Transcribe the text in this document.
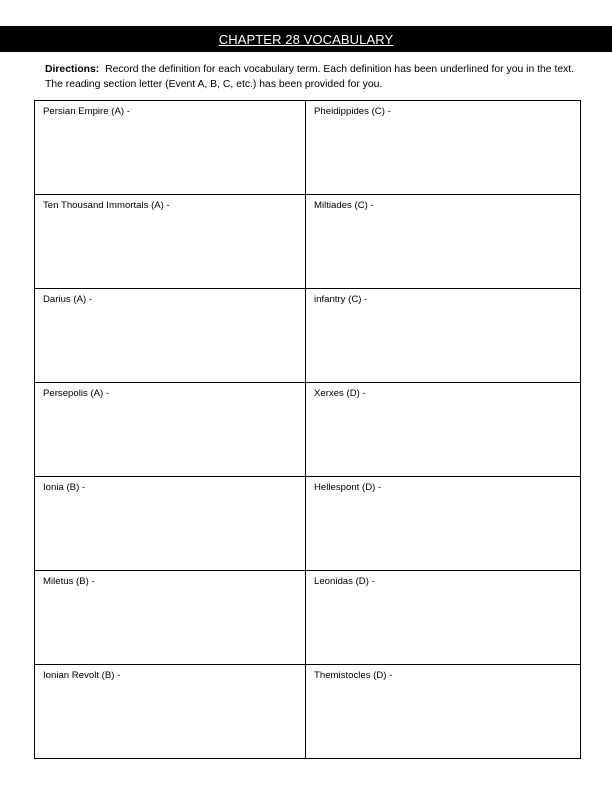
CHAPTER 28 VOCABULARY
Directions: Record the definition for each vocabulary term. Each definition has been underlined for you in the text. The reading section letter (Event A, B, C, etc.) has been provided for you.
Persian Empire (A) -	Pheidippides (C) -
Ten Thousand Immortals (A) -	Miltiades (C) -
Darius (A) -	infantry (C) -
Persepolis (A) -	Xerxes (D) -
Ionia (B) -	Hellespont (D) -
Miletus (B) -	Leonidas (D) -
Ionian Revolt (B) -	Themistocles (D) -
